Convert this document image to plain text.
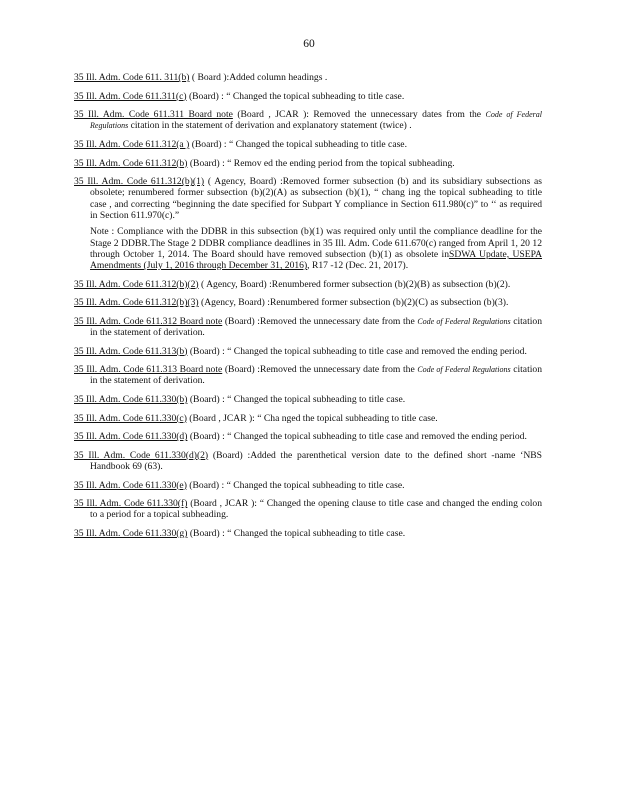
60

35 Ill. Adm. Code 611. 311(b) ( Board ):Added column headings .

35 Ill. Adm. Code 611.311(c) (Board) : “ Changed the topical subheading to title case.

35 Ill. Adm. Code 611.311 Board note (Board , JCAR ): Removed the unnecessary dates from the Code of Federal Regulations citation in the statement of derivation and explanatory statement (twice) .

35 Ill. Adm. Code 611.312(a ) (Board) : “ Changed the topical subheading to title case.

35 Ill. Adm. Code 611.312(b) (Board) : “ Remov ed the ending period from the topical subheading.

35 Ill. Adm. Code 611.312(b)(1) ( Agency, Board) :Removed former subsection (b) and its subsidiary subsections as obsolete; renumbered former subsection (b)(2)(A) as subsection (b)(1), “ chang ing the topical subheading to title case , and correcting “beginning the date specified for Subpart Y compliance in Section 611.980(c)” to ‘‘ as required in Section 611.970(c).”

Note : Compliance with the DDBR in this subsection (b)(1) was required only until the compliance deadline for the Stage 2 DDBR.The Stage 2 DDBR compliance deadlines in 35 Ill. Adm. Code 611.670(c) ranged from April 1, 20 12 through October 1, 2014. The Board should have removed subsection (b)(1) as obsolete inSDWA Update, USEPA Amendments (July 1, 2016 through December 31, 2016), R17 -12 (Dec. 21, 2017).

35 Ill. Adm. Code 611.312(b)(2) ( Agency, Board) :Renumbered former subsection (b)(2)(B) as subsection (b)(2).

35 Ill. Adm. Code 611.312(b)(3) (Agency, Board) :Renumbered former subsection (b)(2)(C) as subsection (b)(3).

35 Ill. Adm. Code 611.312 Board note (Board) :Removed the unnecessary date from the Code of Federal Regulations citation in the statement of derivation.

35 Ill. Adm. Code 611.313(b) (Board) : “ Changed the topical subheading to title case and removed the ending period.

35 Ill. Adm. Code 611.313 Board note (Board) :Removed the unnecessary date from the Code of Federal Regulations citation in the statement of derivation.

35 Ill. Adm. Code 611.330(b) (Board) : “ Changed the topical subheading to title case.

35 Ill. Adm. Code 611.330(c) (Board , JCAR ): “ Cha nged the topical subheading to title case.

35 Ill. Adm. Code 611.330(d) (Board) : “ Changed the topical subheading to title case and removed the ending period.

35 Ill. Adm. Code 611.330(d)(2) (Board) :Added the parenthetical version date to the defined short -name ‘NBS Handbook 69 (63).

35 Ill. Adm. Code 611.330(e) (Board) : “ Changed the topical subheading to title case.

35 Ill. Adm. Code 611.330(f) (Board , JCAR ): “ Changed the opening clause to title case and changed the ending colon to a period for a topical subheading.

35 Ill. Adm. Code 611.330(g) (Board) : “ Changed the topical subheading to title case.
